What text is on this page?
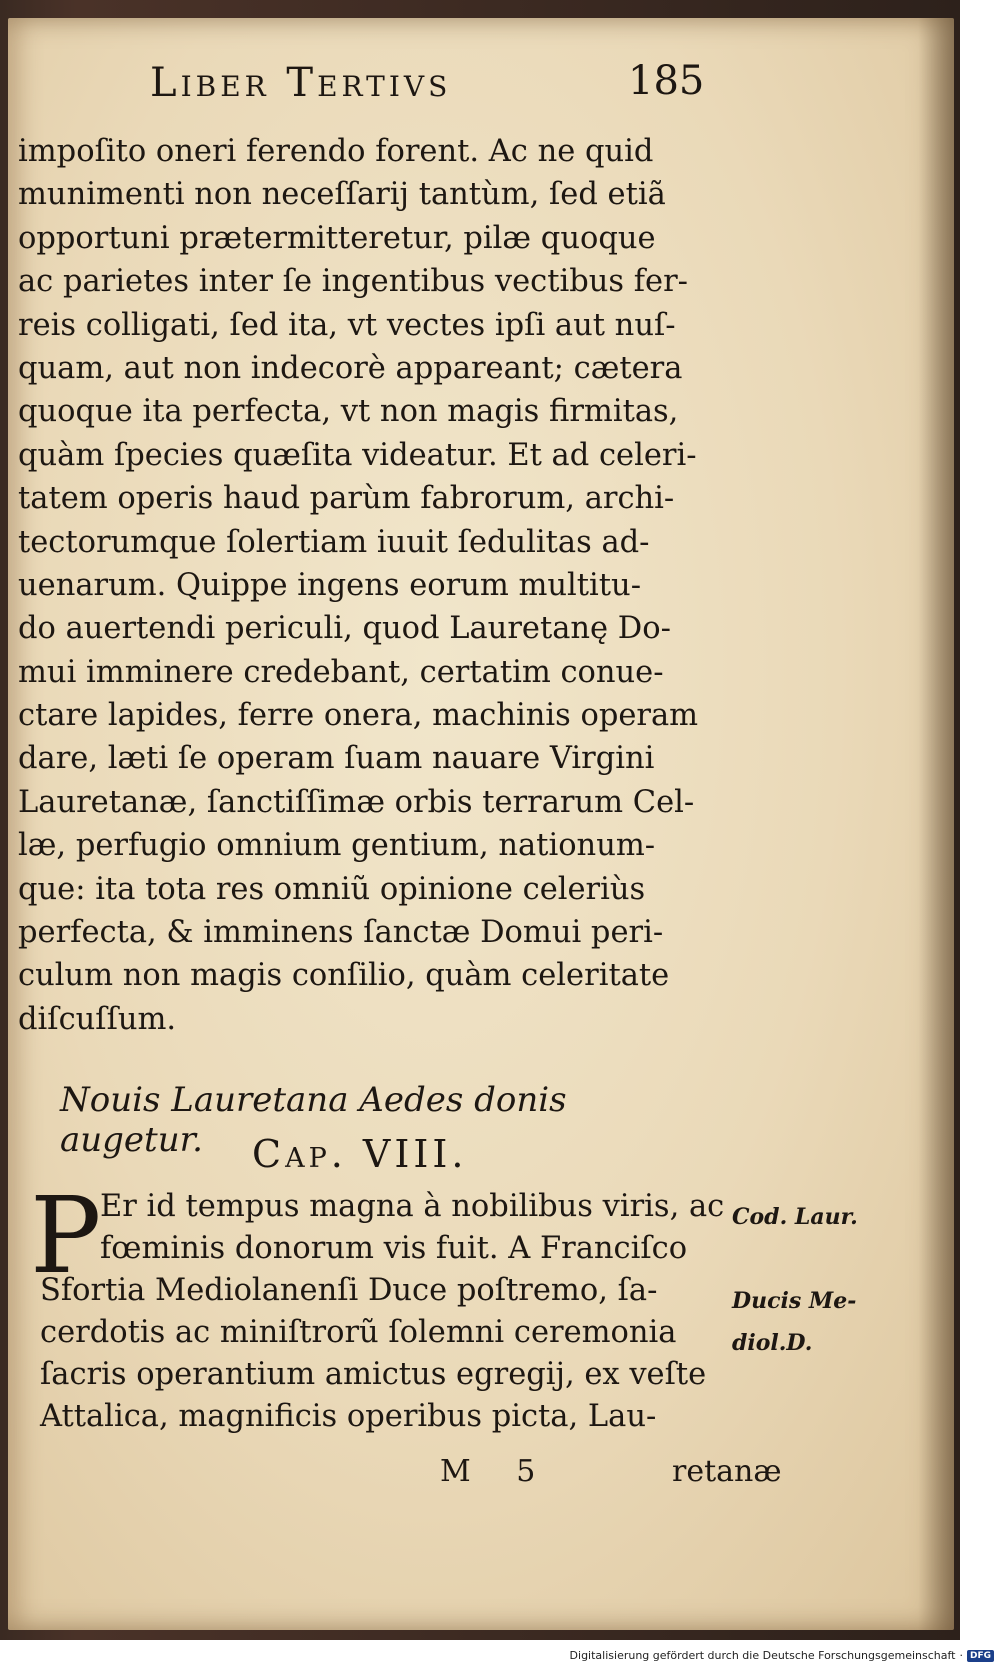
Liber Tertivs	185
impoſito oneri ferendo forent. Ac ne quid
munimenti non neceſſarij tantùm, ſed etiã
opportuni prætermitteretur, pilæ quoque
ac parietes inter ſe ingentibus vectibus fer-
reis colligati, ſed ita, vt vectes ipſi aut nuſ-
quam, aut non indecorè appareant; cætera
quoque ita perfecta, vt non magis firmitas,
quàm ſpecies quæſita videatur. Et ad celeri-
tatem operis haud parùm fabrorum, archi-
tectorumque ſolertiam iuuit ſedulitas ad-
uenarum. Quippe ingens eorum multitu-
do auertendi periculi, quod Lauretanę Do-
mui imminere credebant, certatim conue-
ctare lapides, ferre onera, machinis operam
dare, læti ſe operam ſuam nauare Virgini
Lauretanæ, ſanctiſſimæ orbis terrarum Cel-
læ, perfugio omnium gentium, nationum-
que: ita tota res omniũ opinione celeriùs
perfecta, & imminens ſanctæ Domui peri-
culum non magis conſilio, quàm celeritate
diſcuſſum.
Nouis Lauretana Aedes donis augetur.	Cap. VIII.
P
Er id tempus magna à nobilibus viris, ac
fœminis donorum vis fuit. A Franciſco
Sfortia Mediolanenſi Duce poſtremo, ſa-
cerdotis ac miniſtrorũ ſolemni ceremonia
ſacris operantium amictus egregij, ex veſte
Attalica, magnificis operibus picta, Lau-
Cod. Laur.
Ducis Me-
diol.D.
M 5	retanæ
Digitalisierung gefördert durch die Deutsche Forschungsgemeinschaft · DFG
